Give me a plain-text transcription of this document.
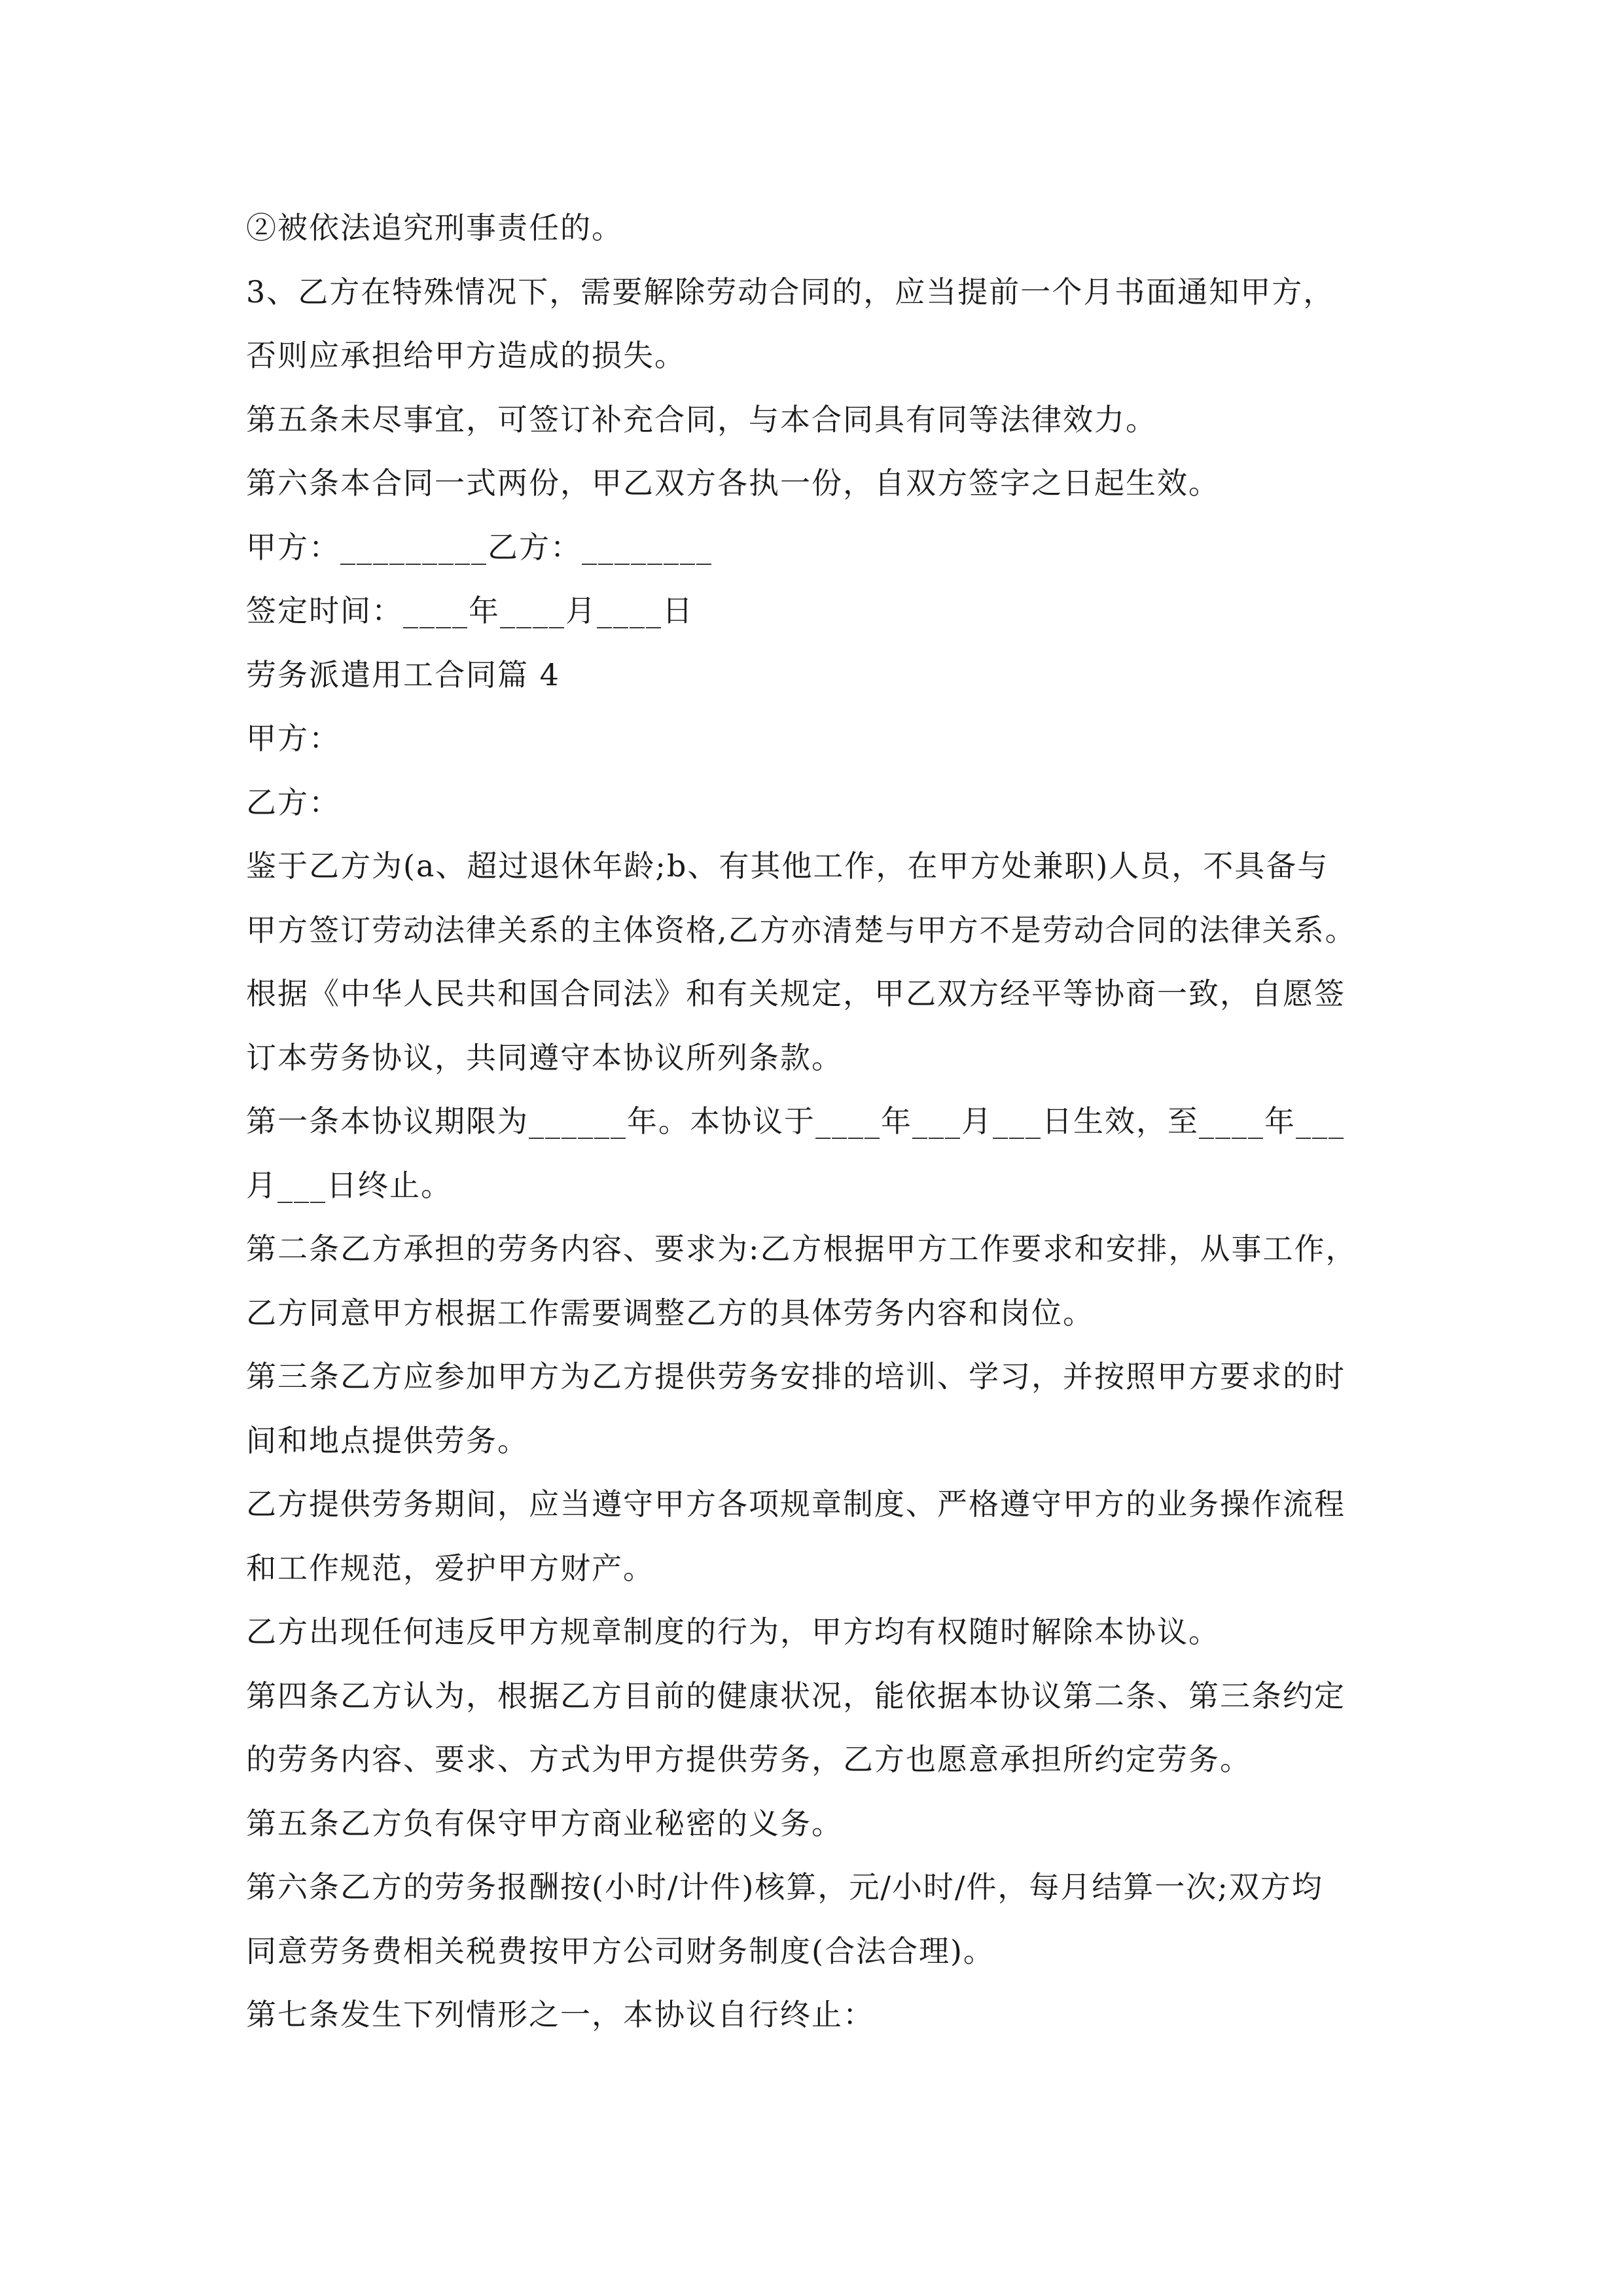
②被依法追究刑事责任的。
3、乙方在特殊情况下，需要解除劳动合同的，应当提前一个月书面通知甲方，
否则应承担给甲方造成的损失。
第五条未尽事宜，可签订补充合同，与本合同具有同等法律效力。
第六条本合同一式两份，甲乙双方各执一份，自双方签字之日起生效。
甲方：_________乙方：________
签定时间：____年____月____日
劳务派遣用工合同篇 4
甲方：
乙方：
鉴于乙方为(a、超过退休年龄;b、有其他工作，在甲方处兼职)人员，不具备与
甲方签订劳动法律关系的主体资格,乙方亦清楚与甲方不是劳动合同的法律关系。
根据《中华人民共和国合同法》和有关规定，甲乙双方经平等协商一致，自愿签
订本劳务协议，共同遵守本协议所列条款。
第一条本协议期限为______年。本协议于____年___月___日生效，至____年___
月___日终止。
第二条乙方承担的劳务内容、要求为:乙方根据甲方工作要求和安排，从事工作，
乙方同意甲方根据工作需要调整乙方的具体劳务内容和岗位。
第三条乙方应参加甲方为乙方提供劳务安排的培训、学习，并按照甲方要求的时
间和地点提供劳务。
乙方提供劳务期间，应当遵守甲方各项规章制度、严格遵守甲方的业务操作流程
和工作规范，爱护甲方财产。
乙方出现任何违反甲方规章制度的行为，甲方均有权随时解除本协议。
第四条乙方认为，根据乙方目前的健康状况，能依据本协议第二条、第三条约定
的劳务内容、要求、方式为甲方提供劳务，乙方也愿意承担所约定劳务。
第五条乙方负有保守甲方商业秘密的义务。
第六条乙方的劳务报酬按(小时/计件)核算，元/小时/件，每月结算一次;双方均
同意劳务费相关税费按甲方公司财务制度(合法合理)。
第七条发生下列情形之一，本协议自行终止：
